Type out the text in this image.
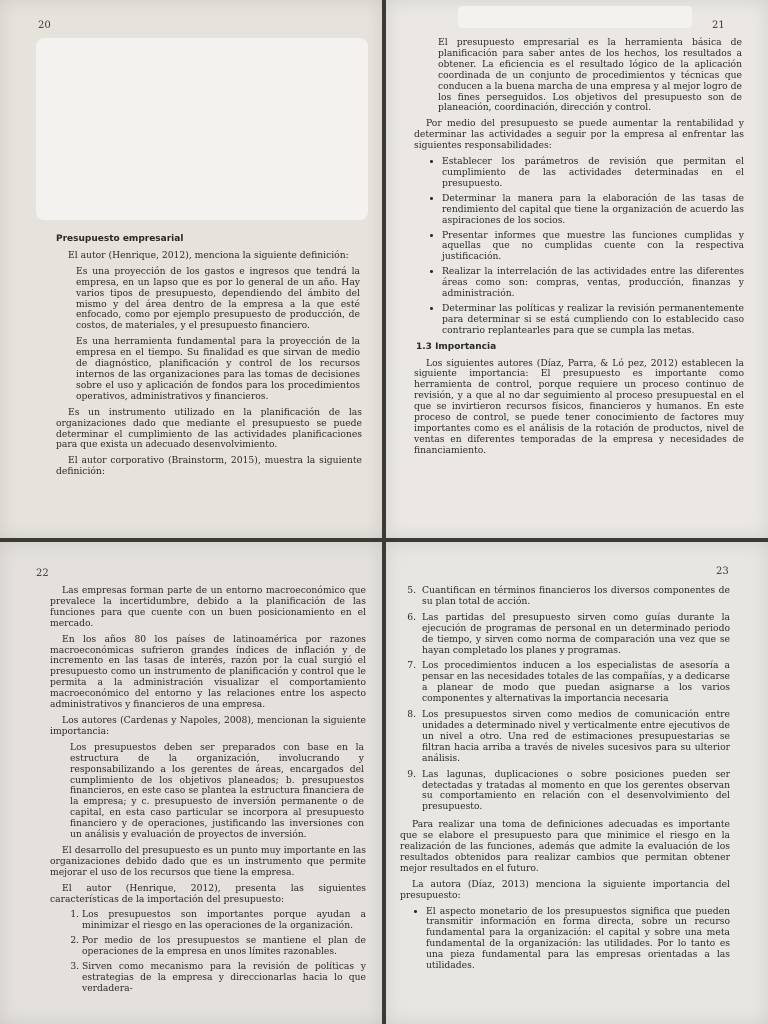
20
Presupuesto empresarial

El autor (Henrique, 2012), menciona la siguiente definición:

Es una proyección de los gastos e ingresos que tendrá la empresa, en un lapso que es por lo general de un año. Hay varios tipos de presupuesto, dependiendo del ámbito del mismo y del área dentro de la empresa a la que esté enfocado, como por ejemplo presupuesto de producción, de costos, de materiales, y el presupuesto financiero.

Es una herramienta fundamental para la proyección de la empresa en el tiempo. Su finalidad es que sirvan de medio de diagnóstico, planificación y control de los recursos internos de las organizaciones para las tomas de decisiones sobre el uso y aplicación de fondos para los procedimientos operativos, administrativos y financieros.

Es un instrumento utilizado en la planificación de las organizaciones dado que mediante el presupuesto se puede determinar el cumplimiento de las actividades planificaciones para que exista un adecuado desenvolvimiento.

El autor corporativo (Brainstorm, 2015), muestra la siguiente definición:

21

El presupuesto empresarial es la herramienta básica de planificación para saber antes de los hechos, los resultados a obtener. La eficiencia es el resultado lógico de la aplicación coordinada de un conjunto de procedimientos y técnicas que conducen a la buena marcha de una empresa y al mejor logro de los fines perseguidos. Los objetivos del presupuesto son de planeación, coordinación, dirección y control.

Por medio del presupuesto se puede aumentar la rentabilidad y determinar las actividades a seguir por la empresa al enfrentar las siguientes responsabilidades:

• Establecer los parámetros de revisión que permitan el cumplimiento de las actividades determinadas en el presupuesto.
• Determinar la manera para la elaboración de las tasas de rendimiento del capital que tiene la organización de acuerdo las aspiraciones de los socios.
• Presentar informes que muestre las funciones cumplidas y aquellas que no cumplidas cuente con la respectiva justificación.
• Realizar la interrelación de las actividades entre las diferentes áreas como son: compras, ventas, producción, finanzas y administración.
• Determinar las políticas y realizar la revisión permanentemente para determinar si se está cumpliendo con lo establecido caso contrario replantearles para que se cumpla las metas.
1.3 Importancia

Los siguientes autores (Díaz, Parra, & Ló pez, 2012) establecen la siguiente importancia: El presupuesto es importante como herramienta de control, porque requiere un proceso continuo de revisión, y a que al no dar seguimiento al proceso presupuestal en el que se invirtieron recursos físicos, financieros y humanos. En este proceso de control, se puede tener conocimiento de factores muy importantes como es el análisis de la rotación de productos, nivel de ventas en diferentes temporadas de la empresa y necesidades de financiamiento.

22

Las empresas forman parte de un entorno macroeconómico que prevalece la incertidumbre, debido a la planificación de las funciones para que cuente con un buen posicionamiento en el mercado.

En los años 80 los países de latinoamérica por razones macroeconómicas sufrieron grandes índices de inflación y de incremento en las tasas de interés, razón por la cual surgió el presupuesto como un instrumento de planificación y control que le permita a la administración visualizar el comportamiento macroeconómico del entorno y las relaciones entre los aspecto administrativos y financieros de una empresa.

Los autores (Cardenas y Napoles, 2008), mencionan la siguiente importancia:

Los presupuestos deben ser preparados con base en la estructura de la organización, involucrando y responsabilizando a los gerentes de áreas, encargados del cumplimiento de los objetivos planeados; b. presupuestos financieros, en este caso se plantea la estructura financiera de la empresa; y c. presupuesto de inversión permanente o de capital, en esta caso particular se incorpora al presupuesto financiero y de operaciones, justificando las inversiones con un análisis y evaluación de proyectos de inversión.

El desarrollo del presupuesto es un punto muy importante en las organizaciones debido dado que es un instrumento que permite mejorar el uso de los recursos que tiene la empresa.

El autor (Henrique, 2012), presenta las siguientes características de la importación del presupuesto:

1. Los presupuestos son importantes porque ayudan a minimizar el riesgo en las operaciones de la organización.
2. Por medio de los presupuestos se mantiene el plan de operaciones de la empresa en unos límites razonables.
3. Sirven como mecanismo para la revisión de políticas y estrategias de la empresa y direccionarlas hacia lo que verdadera-
23
5. Cuantifican en términos financieros los diversos componentes de su plan total de acción.
6. Las partidas del presupuesto sirven como guías durante la ejecución de programas de personal en un determinado periodo de tiempo, y sirven como norma de comparación una vez que se hayan completado los planes y programas.
7. Los procedimientos inducen a los especialistas de asesoría a pensar en las necesidades totales de las compañías, y a dedicarse a planear de modo que puedan asignarse a los varios componentes y alternativas la importancia necesaria
8. Los presupuestos sirven como medios de comunicación entre unidades a determinado nivel y verticalmente entre ejecutivos de un nivel a otro. Una red de estimaciones presupuestarias se filtran hacia arriba a través de niveles sucesivos para su ulterior análisis.
9. Las lagunas, duplicaciones o sobre posiciones pueden ser detectadas y tratadas al momento en que los gerentes observan su comportamiento en relación con el desenvolvimiento del presupuesto.

Para realizar una toma de definiciones adecuadas es importante que se elabore el presupuesto para que minimice el riesgo en la realización de las funciones, además que admite la evaluación de los resultados obtenidos para realizar cambios que permitan obtener mejor resultados en el futuro.

La autora (Díaz, 2013) menciona la siguiente importancia del presupuesto:

• El aspecto monetario de los presupuestos significa que pueden transmitir información en forma directa, sobre un recurso fundamental para la organización: el capital y sobre una meta fundamental de la organización: las utilidades. Por lo tanto es una pieza fundamental para las empresas orientadas a las utilidades.
